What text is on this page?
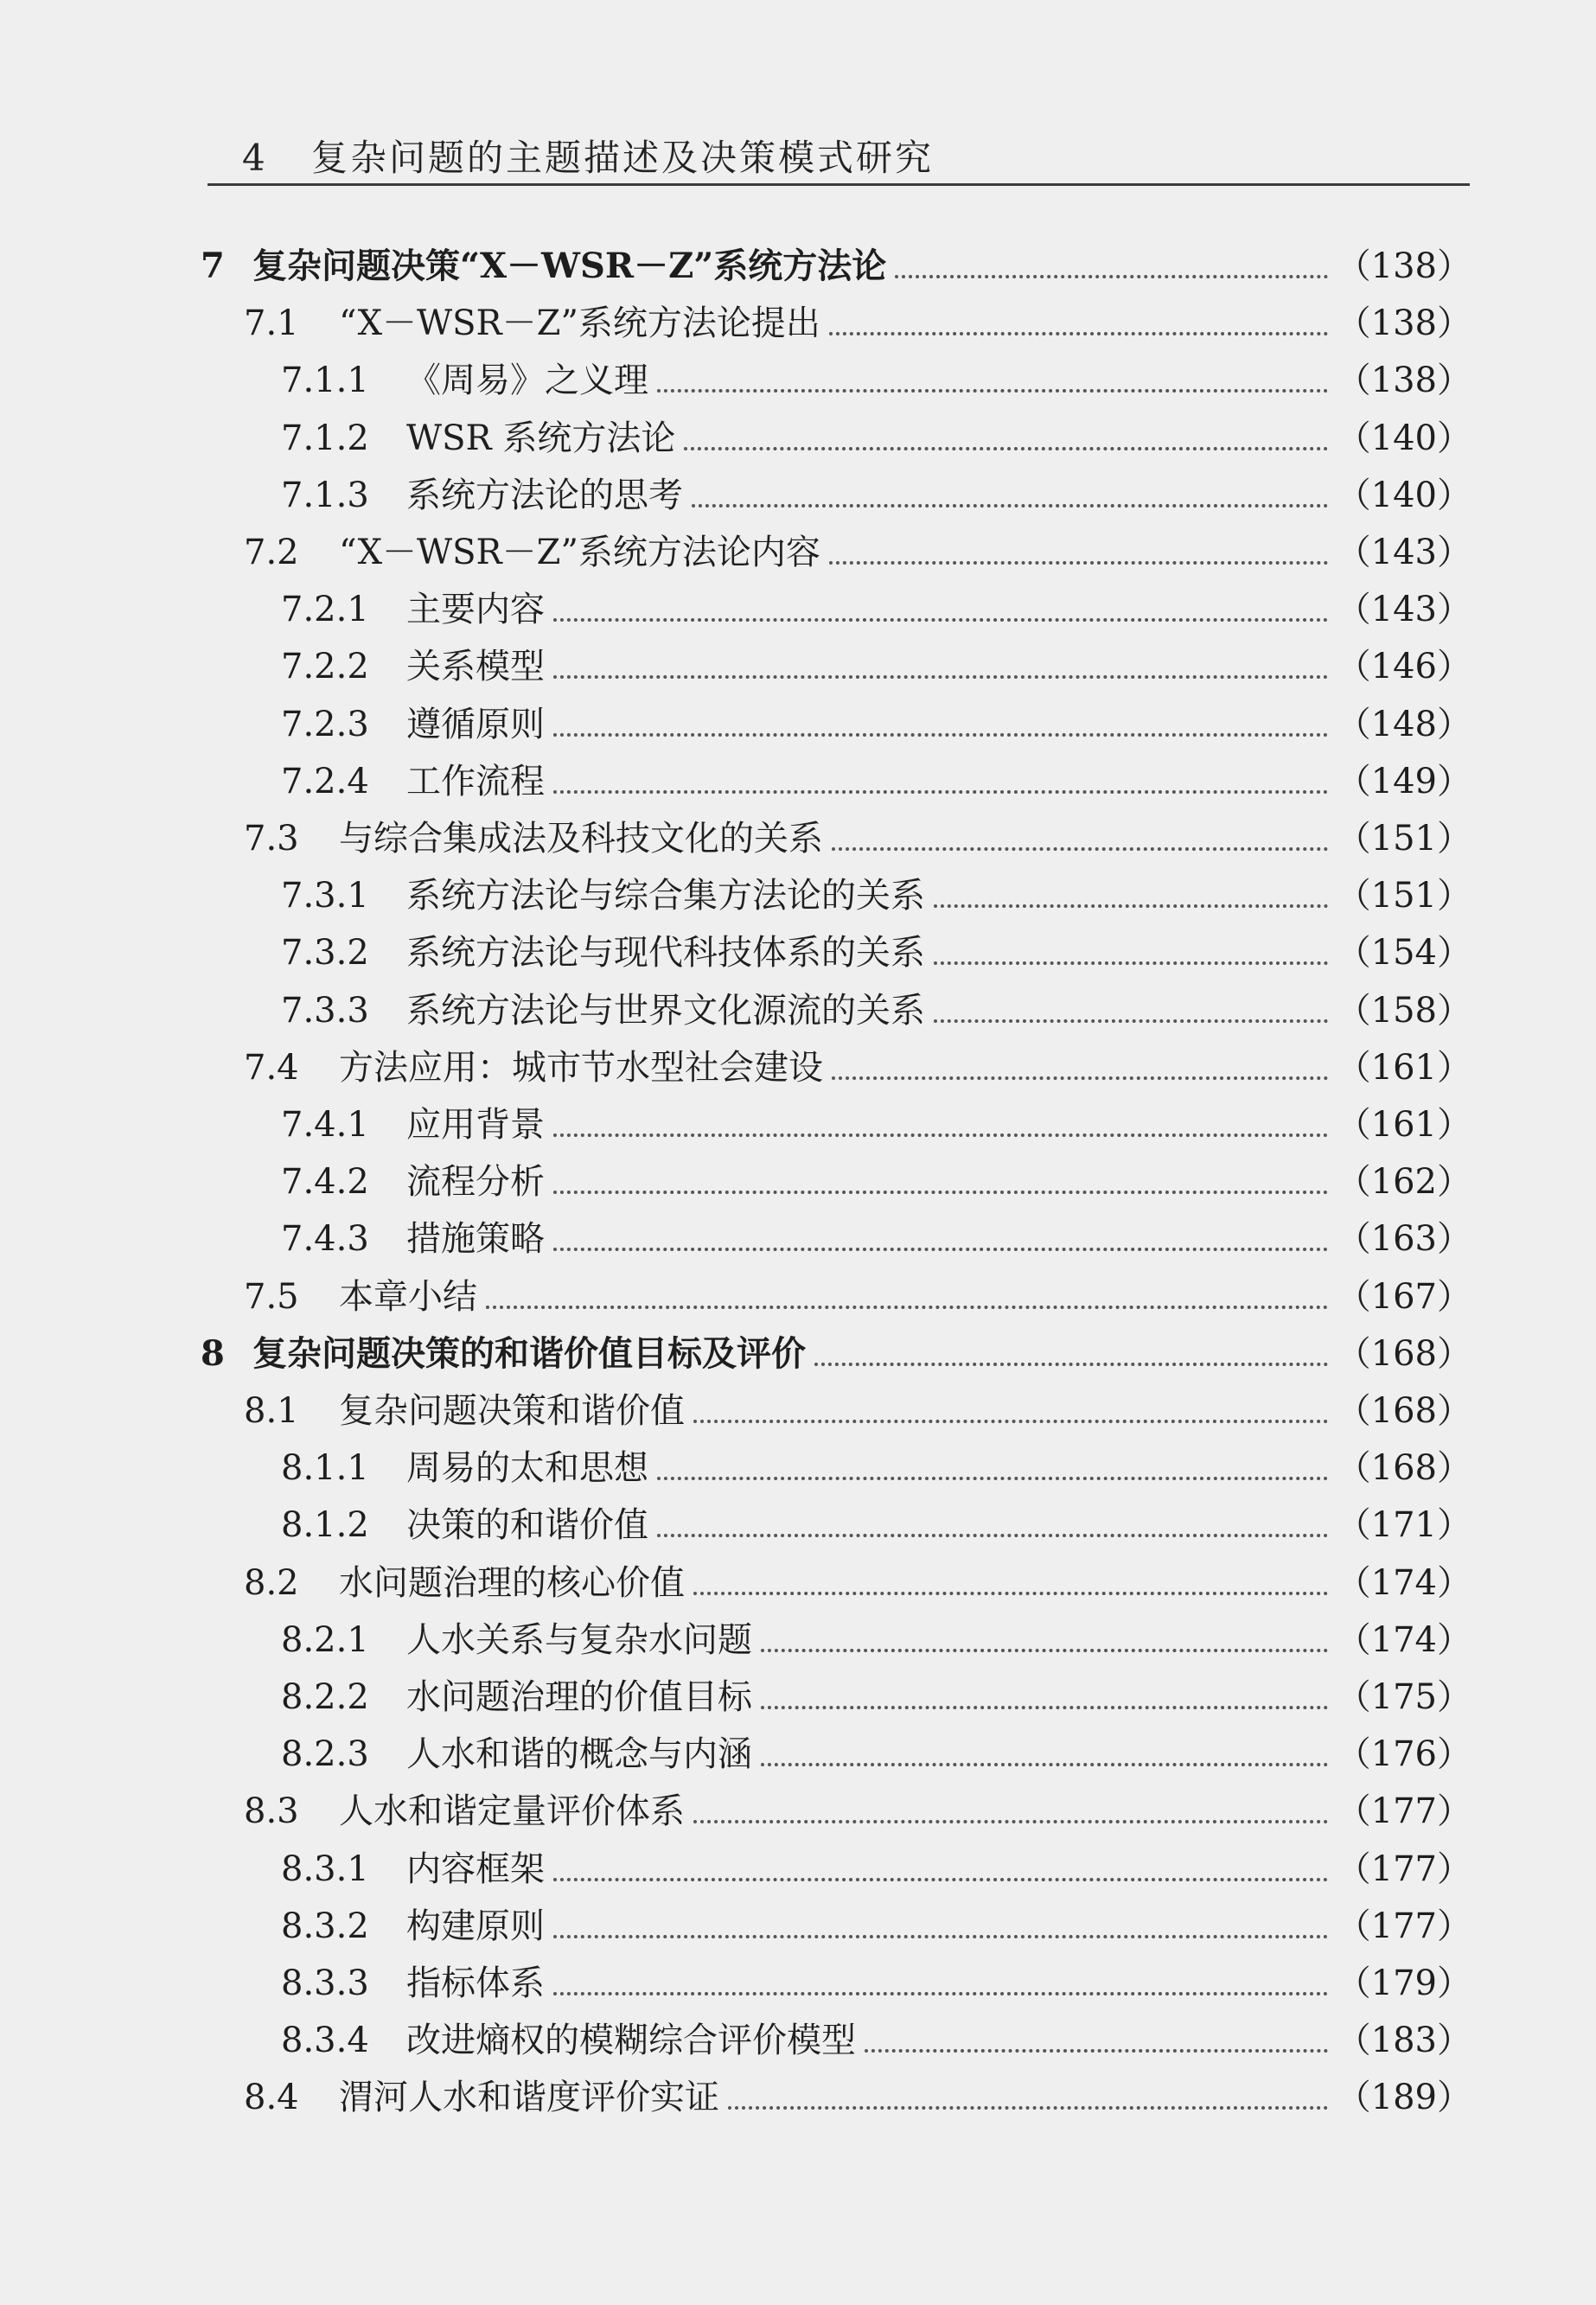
4 复杂问题的主题描述及决策模式研究
7 复杂问题决策“X－WSR－Z”系统方法论	（138）
7.1	“X－WSR－Z”系统方法论提出	（138）
7.1.1	《周易》之义理	（138）
7.1.2	WSR 系统方法论	（140）
7.1.3	系统方法论的思考	（140）
7.2	“X－WSR－Z”系统方法论内容	（143）
7.2.1	主要内容	（143）
7.2.2	关系模型	（146）
7.2.3	遵循原则	（148）
7.2.4	工作流程	（149）
7.3	与综合集成法及科技文化的关系	（151）
7.3.1	系统方法论与综合集方法论的关系	（151）
7.3.2	系统方法论与现代科技体系的关系	（154）
7.3.3	系统方法论与世界文化源流的关系	（158）
7.4	方法应用：城市节水型社会建设	（161）
7.4.1	应用背景	（161）
7.4.2	流程分析	（162）
7.4.3	措施策略	（163）
7.5	本章小结	（167）
8 复杂问题决策的和谐价值目标及评价	（168）
8.1	复杂问题决策和谐价值	（168）
8.1.1	周易的太和思想	（168）
8.1.2	决策的和谐价值	（171）
8.2	水问题治理的核心价值	（174）
8.2.1	人水关系与复杂水问题	（174）
8.2.2	水问题治理的价值目标	（175）
8.2.3	人水和谐的概念与内涵	（176）
8.3	人水和谐定量评价体系	（177）
8.3.1	内容框架	（177）
8.3.2	构建原则	（177）
8.3.3	指标体系	（179）
8.3.4	改进熵权的模糊综合评价模型	（183）
8.4	渭河人水和谐度评价实证	（189）
